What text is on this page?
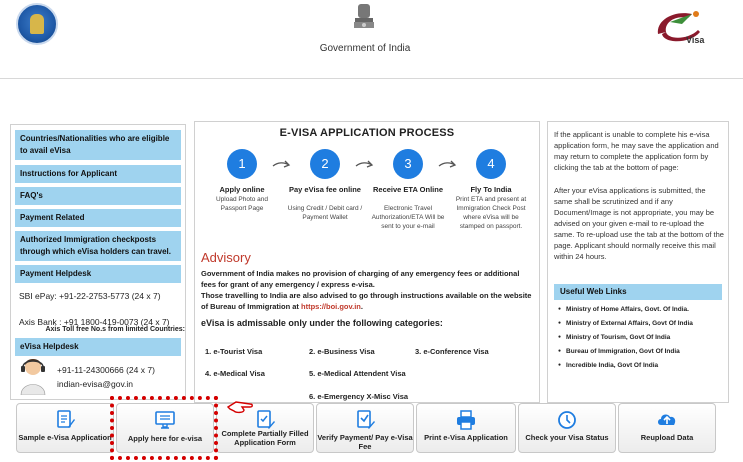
Government of India
Visa
Countries/Nationalities who are eligible to avail eVisa
Instructions for Applicant
FAQ's
Payment Related
Authorized Immigration checkposts through which eVisa holders can travel.
Payment Helpdesk
SBI ePay: +91-22-2753-5773 (24 x 7)
Axis Bank : +91 1800-419-0073 (24 x 7)
Axis Toll free No.s from limited Countries:
eVisa Helpdesk
+91-11-24300666 (24 x 7)
indian-evisa@gov.in
E-VISA APPLICATION PROCESS
1	2	3	4
Apply online
Upload Photo and Passport Page
Pay eVisa fee online
Using Credit / Debit card / Payment Wallet
Receive ETA Online
Electronic Travel Authorization/ETA Will be sent to your e-mail
Fly To India
Print ETA and present at Immigration Check Post where eVisa will be stamped on passport.
Advisory
Government of India makes no provision of charging of any emergency fees or additional fees for grant of any emergency / express e-visa.
Those travelling to India are also advised to go through instructions available on the website of Bureau of Immigration at https://boi.gov.in.
eVisa is admissable only under the following categories:
1. e-Tourist Visa	2. e-Business Visa	3. e-Conference Visa
4. e-Medical Visa	5. e-Medical Attendent Visa
6. e-Emergency X-Misc Visa
If the applicant is unable to complete his e-visa application form, he may save the application and may return to complete the application form by clicking the tab at the bottom of page:
After your eVisa applications is submitted, the same shall be scrutinized and if any Document/Image is not appropriate, you may be advised on your given e-mail to re-upload the same. To re-upload use the tab at the bottom of the page. Applicant should normally receive this mail within 24 hours.
Useful Web Links
● Ministry of Home Affairs, Govt. Of India.
● Ministry of External Affairs, Govt Of India
● Ministry of Tourism, Govt Of India
● Bureau of Immigration, Govt Of India
● Incredible India, Govt Of India
Sample e-Visa Application	Apply here for e-visa
Complete Partially Filled Application Form
Verify Payment/ Pay e-Visa Fee
Print e-Visa Application	Check your Visa Status	Reupload Data
